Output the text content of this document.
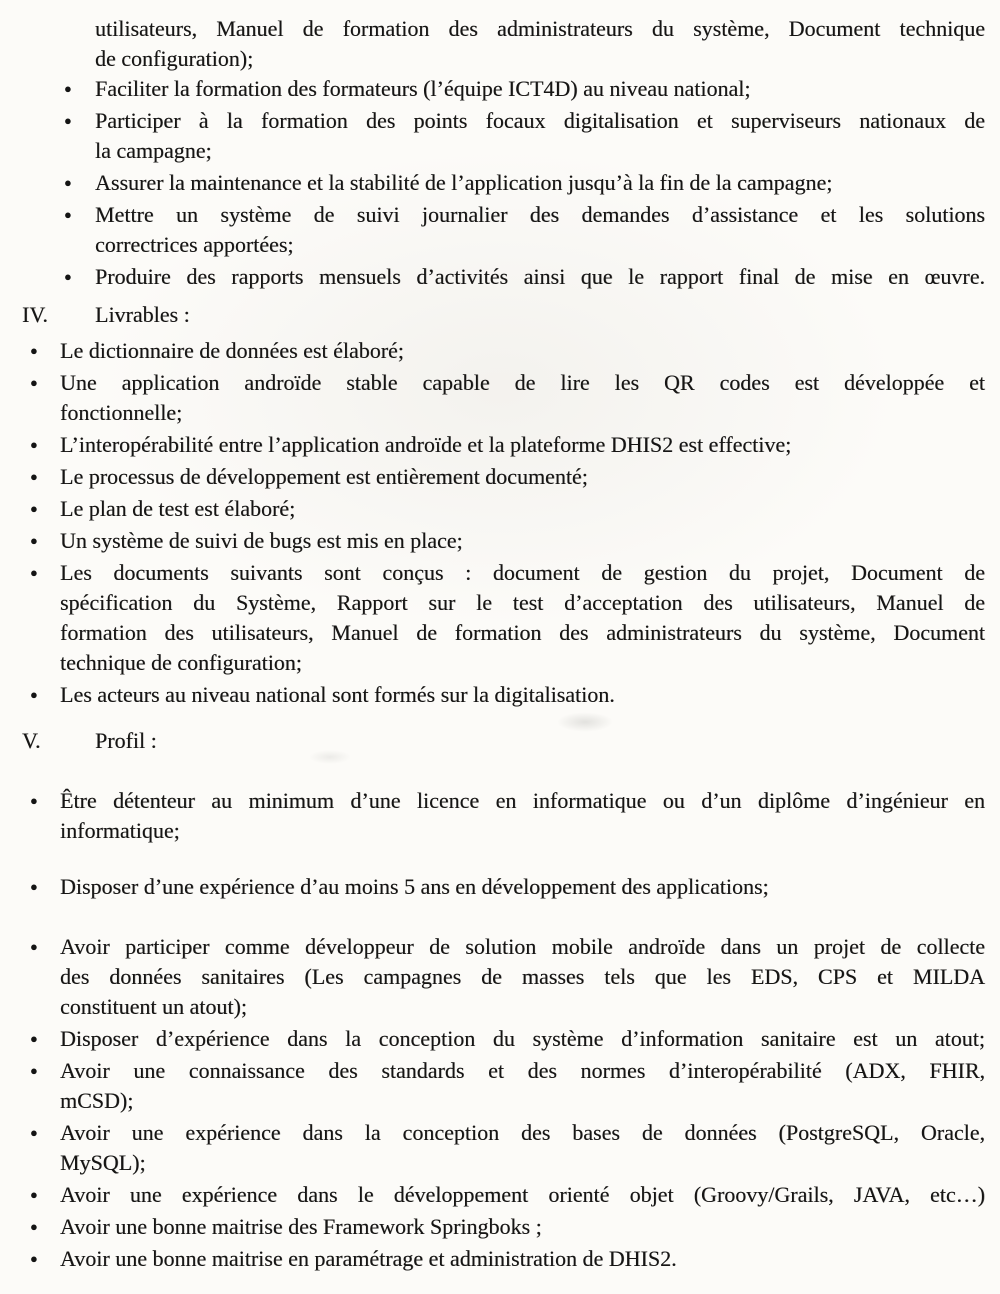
utilisateurs, Manuel de formation des administrateurs du système, Document technique
de configuration);
● Faciliter la formation des formateurs (l’équipe ICT4D) au niveau national;
● Participer à la formation des points focaux digitalisation et superviseurs nationaux de
la campagne;
● Assurer la maintenance et la stabilité de l’application jusqu’à la fin de la campagne;
● Mettre un système de suivi journalier des demandes d’assistance et les solutions
correctrices apportées;
● Produire des rapports mensuels d’activités ainsi que le rapport final de mise en œuvre.
IV.	Livrables :
● Le dictionnaire de données est élaboré;
● Une application androïde stable capable de lire les QR codes est développée et
fonctionnelle;
● L’interopérabilité entre l’application androïde et la plateforme DHIS2 est effective;
● Le processus de développement est entièrement documenté;
● Le plan de test est élaboré;
● Un système de suivi de bugs est mis en place;
● Les documents suivants sont conçus : document de gestion du projet, Document de
spécification du Système, Rapport sur le test d’acceptation des utilisateurs, Manuel de
formation des utilisateurs, Manuel de formation des administrateurs du système, Document
technique de configuration;
● Les acteurs au niveau national sont formés sur la digitalisation.
V.	Profil :
● Être détenteur au minimum d’une licence en informatique ou d’un diplôme d’ingénieur en
informatique;
● Disposer d’une expérience d’au moins 5 ans en développement des applications;
● Avoir participer comme développeur de solution mobile androïde dans un projet de collecte
des données sanitaires (Les campagnes de masses tels que les EDS, CPS et MILDA
constituent un atout);
● Disposer d’expérience dans la conception du système d’information sanitaire est un atout;
● Avoir une connaissance des standards et des normes d’interopérabilité (ADX, FHIR,
mCSD);
● Avoir une expérience dans la conception des bases de données (PostgreSQL, Oracle,
MySQL);
● Avoir une expérience dans le développement orienté objet (Groovy/Grails, JAVA, etc…)
● Avoir une bonne maitrise des Framework Springboks ;
● Avoir une bonne maitrise en paramétrage et administration de DHIS2.
